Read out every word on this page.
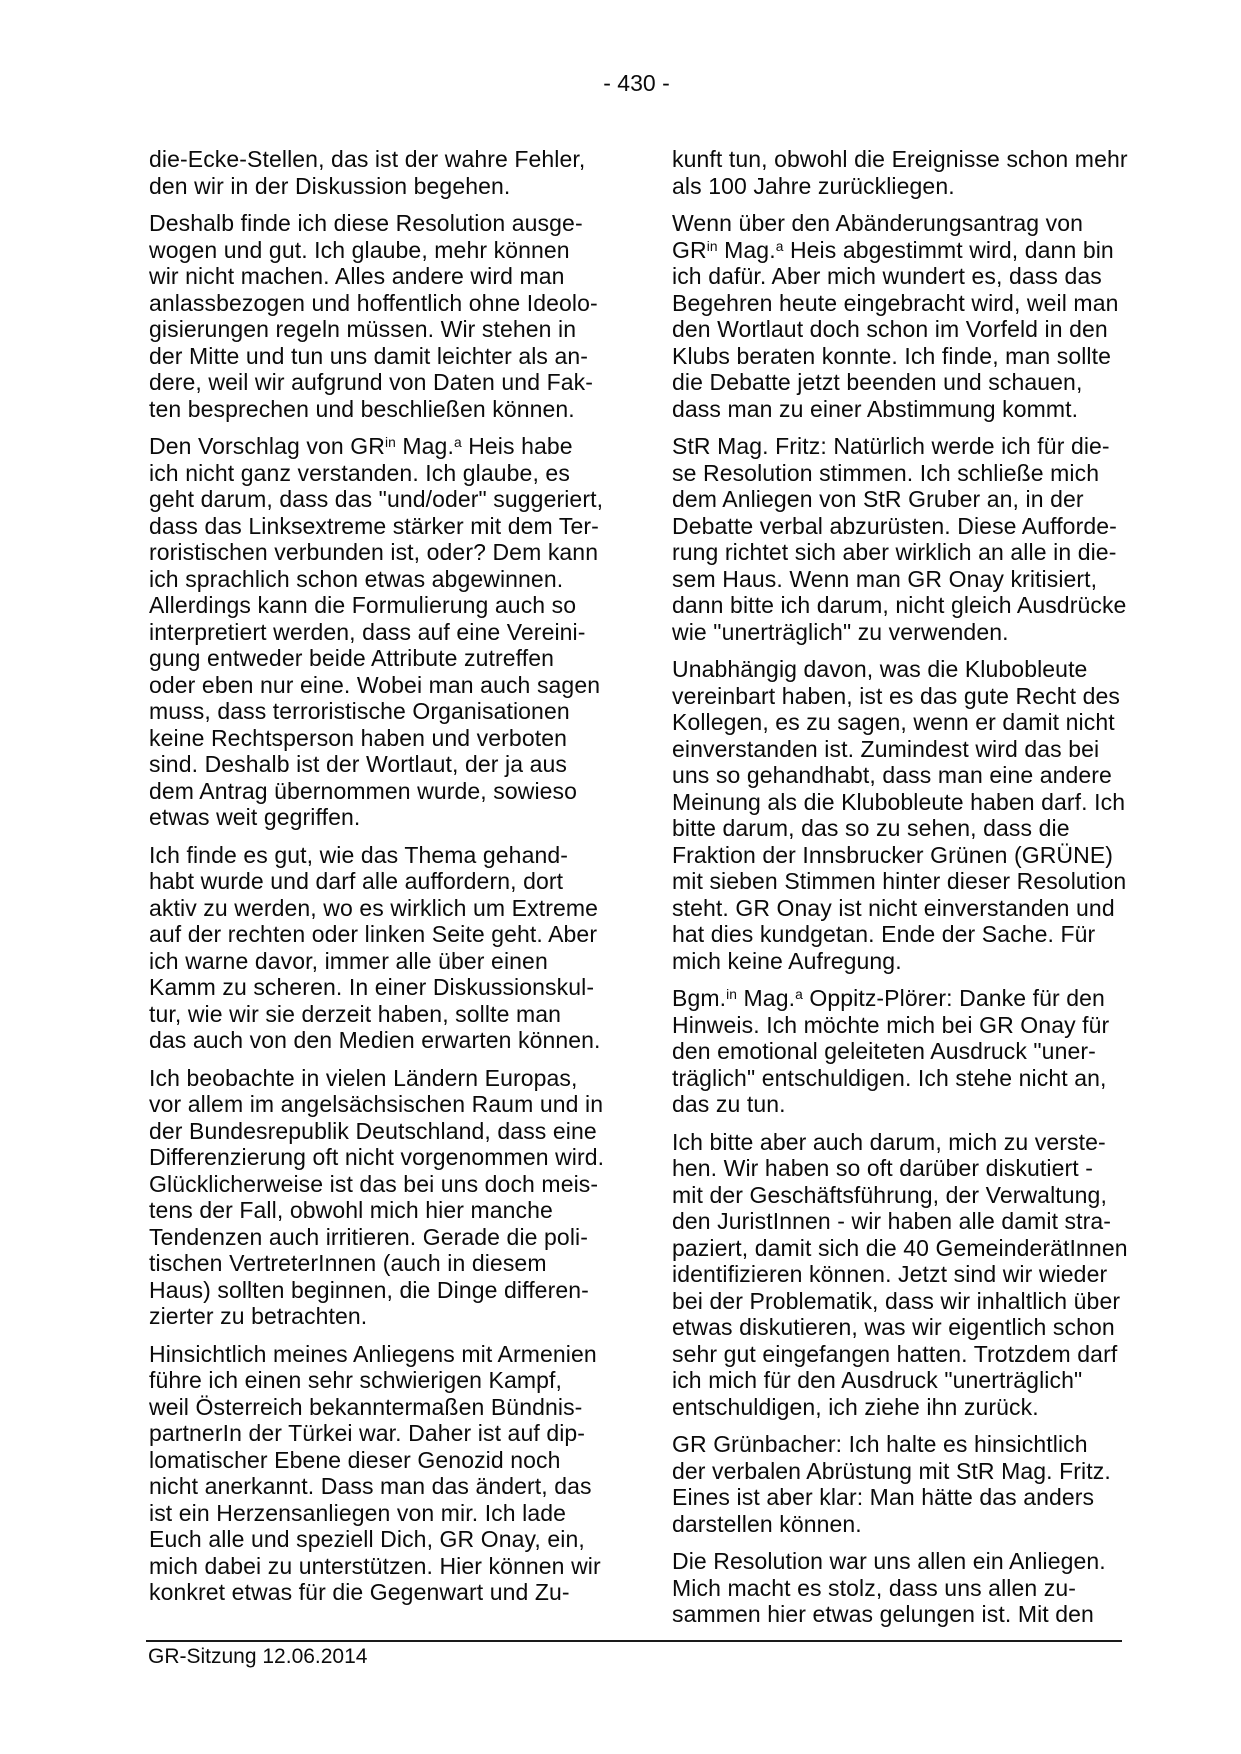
- 430 -

die-Ecke-Stellen, das ist der wahre Fehler,
den wir in der Diskussion begehen.

Deshalb finde ich diese Resolution ausge-
wogen und gut. Ich glaube, mehr können
wir nicht machen. Alles andere wird man
anlassbezogen und hoffentlich ohne Ideolo-
gisierungen regeln müssen. Wir stehen in
der Mitte und tun uns damit leichter als an-
dere, weil wir aufgrund von Daten und Fak-
ten besprechen und beschließen können.

Den Vorschlag von $GR^{in}$ Mag.$^a$ Heis habe
ich nicht ganz verstanden. Ich glaube, es
geht darum, dass das "und/oder" suggeriert,
dass das Linksextreme stärker mit dem Ter-
roristischen verbunden ist, oder? Dem kann
ich sprachlich schon etwas abgewinnen.
Allerdings kann die Formulierung auch so
interpretiert werden, dass auf eine Vereini-
gung entweder beide Attribute zutreffen
oder eben nur eine. Wobei man auch sagen
muss, dass terroristische Organisationen
keine Rechtsperson haben und verboten
sind. Deshalb ist der Wortlaut, der ja aus
dem Antrag übernommen wurde, sowieso
etwas weit gegriffen.

Ich finde es gut, wie das Thema gehand-
habt wurde und darf alle auffordern, dort
aktiv zu werden, wo es wirklich um Extreme
auf der rechten oder linken Seite geht. Aber
ich warne davor, immer alle über einen
Kamm zu scheren. In einer Diskussionskul-
tur, wie wir sie derzeit haben, sollte man
das auch von den Medien erwarten können.

Ich beobachte in vielen Ländern Europas,
vor allem im angelsächsischen Raum und in
der Bundesrepublik Deutschland, dass eine
Differenzierung oft nicht vorgenommen wird.
Glücklicherweise ist das bei uns doch meis-
tens der Fall, obwohl mich hier manche
Tendenzen auch irritieren. Gerade die poli-
tischen VertreterInnen (auch in diesem
Haus) sollten beginnen, die Dinge differen-
zierter zu betrachten.

Hinsichtlich meines Anliegens mit Armenien
führe ich einen sehr schwierigen Kampf,
weil Österreich bekanntermaßen Bündnis-
partnerIn der Türkei war. Daher ist auf dip-
lomatischer Ebene dieser Genozid noch
nicht anerkannt. Dass man das ändert, das
ist ein Herzensanliegen von mir. Ich lade
Euch alle und speziell Dich, GR Onay, ein,
mich dabei zu unterstützen. Hier können wir
konkret etwas für die Gegenwart und Zu-

kunft tun, obwohl die Ereignisse schon mehr
als 100 Jahre zurückliegen.

Wenn über den Abänderungsantrag von
$GR^{in}$ Mag.$^a$ Heis abgestimmt wird, dann bin
ich dafür. Aber mich wundert es, dass das
Begehren heute eingebracht wird, weil man
den Wortlaut doch schon im Vorfeld in den
Klubs beraten konnte. Ich finde, man sollte
die Debatte jetzt beenden und schauen,
dass man zu einer Abstimmung kommt.

StR Mag. Fritz: Natürlich werde ich für die-
se Resolution stimmen. Ich schließe mich
dem Anliegen von StR Gruber an, in der
Debatte verbal abzurüsten. Diese Aufforde-
rung richtet sich aber wirklich an alle in die-
sem Haus. Wenn man GR Onay kritisiert,
dann bitte ich darum, nicht gleich Ausdrücke
wie "unerträglich" zu verwenden.

Unabhängig davon, was die Klubobleute
vereinbart haben, ist es das gute Recht des
Kollegen, es zu sagen, wenn er damit nicht
einverstanden ist. Zumindest wird das bei
uns so gehandhabt, dass man eine andere
Meinung als die Klubobleute haben darf. Ich
bitte darum, das so zu sehen, dass die
Fraktion der Innsbrucker Grünen (GRÜNE)
mit sieben Stimmen hinter dieser Resolution
steht. GR Onay ist nicht einverstanden und
hat dies kundgetan. Ende der Sache. Für
mich keine Aufregung.

Bgm.$^{in}$ Mag.$^a$ Oppitz-Plörer: Danke für den
Hinweis. Ich möchte mich bei GR Onay für
den emotional geleiteten Ausdruck "uner-
träglich" entschuldigen. Ich stehe nicht an,
das zu tun.

Ich bitte aber auch darum, mich zu verste-
hen. Wir haben so oft darüber diskutiert -
mit der Geschäftsführung, der Verwaltung,
den JuristInnen - wir haben alle damit stra-
paziert, damit sich die 40 GemeinderätInnen
identifizieren können. Jetzt sind wir wieder
bei der Problematik, dass wir inhaltlich über
etwas diskutieren, was wir eigentlich schon
sehr gut eingefangen hatten. Trotzdem darf
ich mich für den Ausdruck "unerträglich"
entschuldigen, ich ziehe ihn zurück.

GR Grünbacher: Ich halte es hinsichtlich
der verbalen Abrüstung mit StR Mag. Fritz.
Eines ist aber klar: Man hätte das anders
darstellen können.

Die Resolution war uns allen ein Anliegen.
Mich macht es stolz, dass uns allen zu-
sammen hier etwas gelungen ist. Mit den

GR-Sitzung 12.06.2014
